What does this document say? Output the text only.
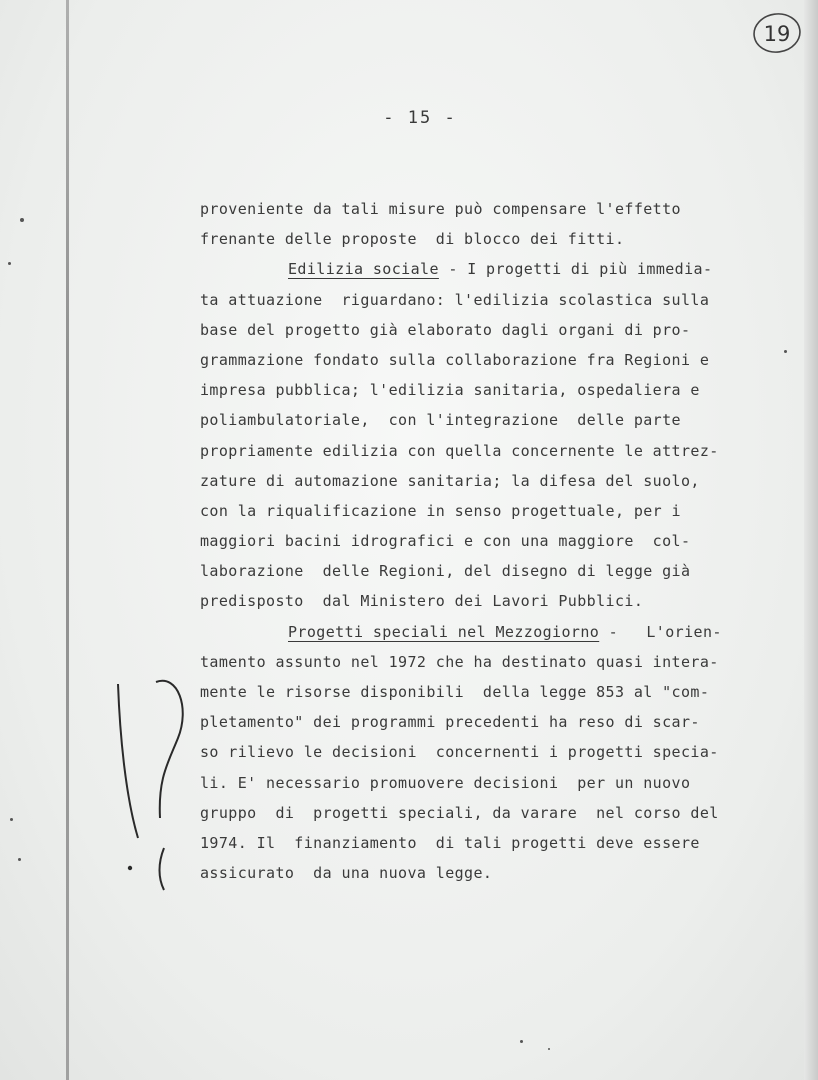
19
- 15 -
proveniente da tali misure può compensare l'effetto
frenante delle proposte  di blocco dei fitti.
Edilizia sociale - I progetti di più immedia-
ta attuazione  riguardano: l'edilizia scolastica sulla
base del progetto già elaborato dagli organi di pro-
grammazione fondato sulla collaborazione fra Regioni e
impresa pubblica; l'edilizia sanitaria, ospedaliera e
poliambulatoriale,  con l'integrazione  delle parte
propriamente edilizia con quella concernente le attrez-
zature di automazione sanitaria; la difesa del suolo,
con la riqualificazione in senso progettuale, per i
maggiori bacini idrografici e con una maggiore  col-
laborazione  delle Regioni, del disegno di legge già
predisposto  dal Ministero dei Lavori Pubblici.
Progetti speciali nel Mezzogiorno -   L'orien-
tamento assunto nel 1972 che ha destinato quasi intera-
mente le risorse disponibili  della legge 853 al "com-
pletamento" dei programmi precedenti ha reso di scar-
so rilievo le decisioni  concernenti i progetti specia-
li. E' necessario promuovere decisioni  per un nuovo
gruppo  di  progetti speciali, da varare  nel corso del
1974. Il  finanziamento  di tali progetti deve essere
assicurato  da una nuova legge.
